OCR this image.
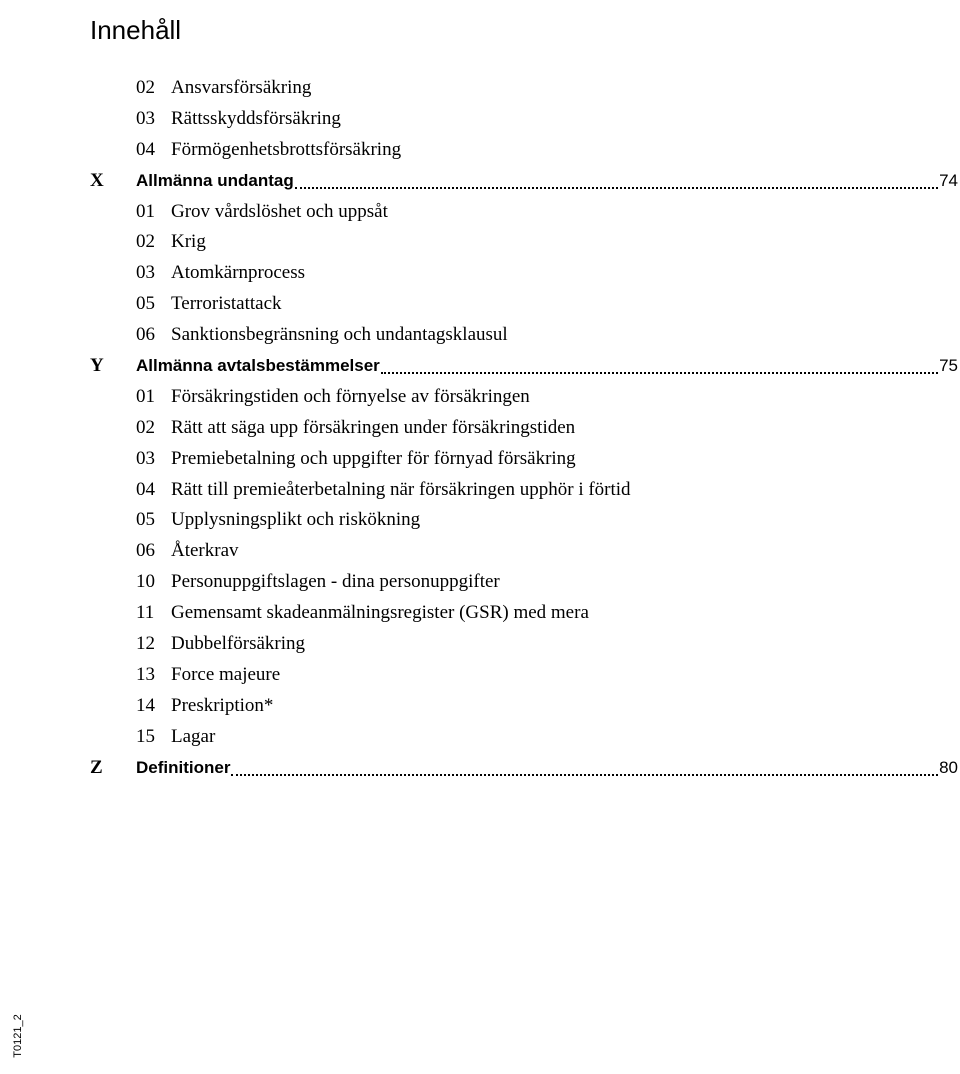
Innehåll
02 Ansvarsförsäkring
03 Rättsskyddsförsäkring
04 Förmögenhetsbrottsförsäkring
X Allmänna undantag	74
01 Grov vårdslöshet och uppsåt
02 Krig
03 Atomkärnprocess
05 Terroristattack
06 Sanktionsbegränsning och undantagsklausul
Y Allmänna avtalsbestämmelser	75
01 Försäkringstiden och förnyelse av försäkringen
02 Rätt att säga upp försäkringen under försäkringstiden
03 Premiebetalning och uppgifter för förnyad försäkring
04 Rätt till premieåterbetalning när försäkringen upphör i förtid
05 Upplysningsplikt och riskökning
06 Återkrav
10 Personuppgiftslagen - dina personuppgifter
11 Gemensamt skadeanmälningsregister (GSR) med mera
12 Dubbelförsäkring
13 Force majeure
14 Preskription*
15 Lagar
Z Definitioner	80
T0121_2
